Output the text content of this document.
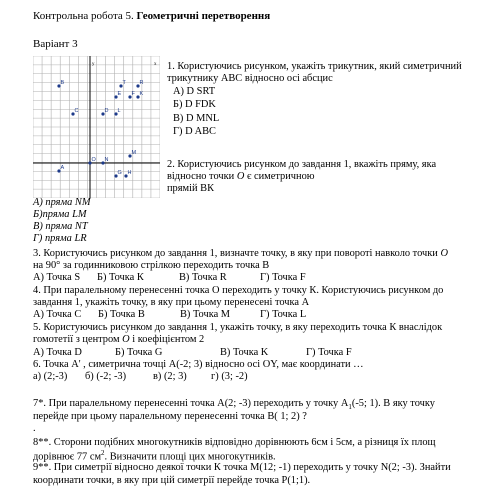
Контрольна робота 5. Геометричні перетворення
Варіант 3
x
y
B	T R
E F K
C	D L
M
N
A
G H
O
1. Користуючись рисунком, укажіть трикутник, який симетричний
трикутнику АВС відносно осі абсцис
А) D SRT
Б) D FDK
В) D MNL
Г) D ABC
2. Користуючись рисунком до завдання 1, вкажіть пряму, яка
відносно точки О є симетричною
прямій ВК
А) пряма NM
Б)пряма LM
В) пряма NT
Г) пряма LR
3. Користуючись рисунком до завдання 1, визначте точку, в яку при повороті навколо точки О
на 90° за годинниковою стрілкою переходить точка В
А) Точка S Б) Точка К	В) Точка R	Г) Точка F
4. При паралельному перенесенні точка О переходить у точку К. Користуючись рисунком до
завдання 1, укажіть точку, в яку при цьому перенесені точка А
А) Точка С Б) Точка В	В) Точка М	Г) Точка L
5. Користуючись рисунком до завдання 1, укажіть точку, в яку переходить точка К внаслідок
гомотетії з центром О і коефіцієнтом 2
А) Точка D	Б) Точка G	В) Точка K	Г) Точка F
6. Точка А' , симетрична точці А(-2; 3) відносно осі OY, має координати …
а) (2;-3) б) (-2; -3)	в) (2; 3) г) (3; -2)
7*. При паралельному перенесенні точка А(2; -3) переходить у точку $А_1(-5$; 1). В яку точку
перейде при цьому паралельному перенесенні точка В( 1; 2) ?
.
8**. Сторони подібних многокутників відповідно дорівнюють 6см і 5см, а різниця їх площ
дорівнює 77 $см^2$. Визначити площі цих многокутників.
9**. При симетрії відносно деякої точки К точка М(12; -1) переходить у точку N(2; -3). Знайти
координати точки, в яку при цій симетрії перейде точка Р(1;1).
